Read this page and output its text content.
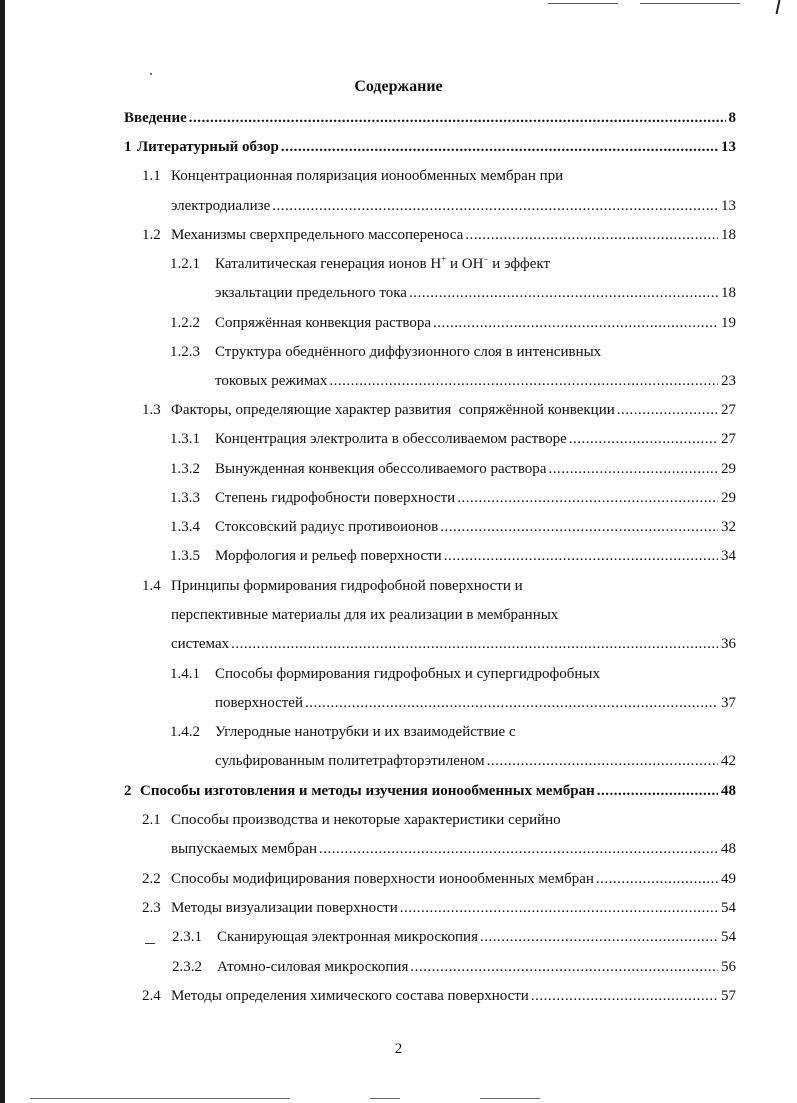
Содержание
Введение .....	8
1 Литературный обзор .....	13
1.1 Концентрационная поляризация ионообменных мембран при
электродиализе .....	13
1.2 Механизмы сверхпредельного массопереноса .....	18
1.2.1 Каталитическая генерация ионов Н+ и ОН− и эффект
экзальтации предельного тока .....	18
1.2.2	Сопряжённая конвекция раствора .....	19
1.2.3 Структура обеднённого диффузионного слоя в интенсивных
токовых режимах .....	23
1.3 Факторы, определяющие характер развития  сопряжённой конвекции .....	27
1.3.1	Концентрация электролита в обессоливаемом растворе .....	27
1.3.2	Вынужденная конвекция обессоливаемого раствора .....	29
1.3.3	Степень гидрофобности поверхности .....	29
1.3.4	Стоксовский радиус противоионов .....	32
1.3.5	Морфология и рельеф поверхности .....	34
1.4 Принципы формирования гидрофобной поверхности и
перспективные материалы для их реализации в мембранных
системах .....	36
1.4.1 Способы формирования гидрофобных и супергидрофобных
поверхностей .....	37
1.4.2 Углеродные нанотрубки и их взаимодействие с
сульфированным политетрафторэтиленом .....	42
2 Способы изготовления и методы изучения ионообменных мембран .....	48
2.1 Способы производства и некоторые характеристики серийно
выпускаемых мембран .....	48
2.2 Способы модифицирования поверхности ионообменных мембран .....	49
2.3 Методы визуализации поверхности .....	54
2.3.1	Сканирующая электронная микроскопия .....	54
2.3.2	Атомно-силовая микроскопия .....	56
2.4 Методы определения химического состава поверхности .....	57
2
